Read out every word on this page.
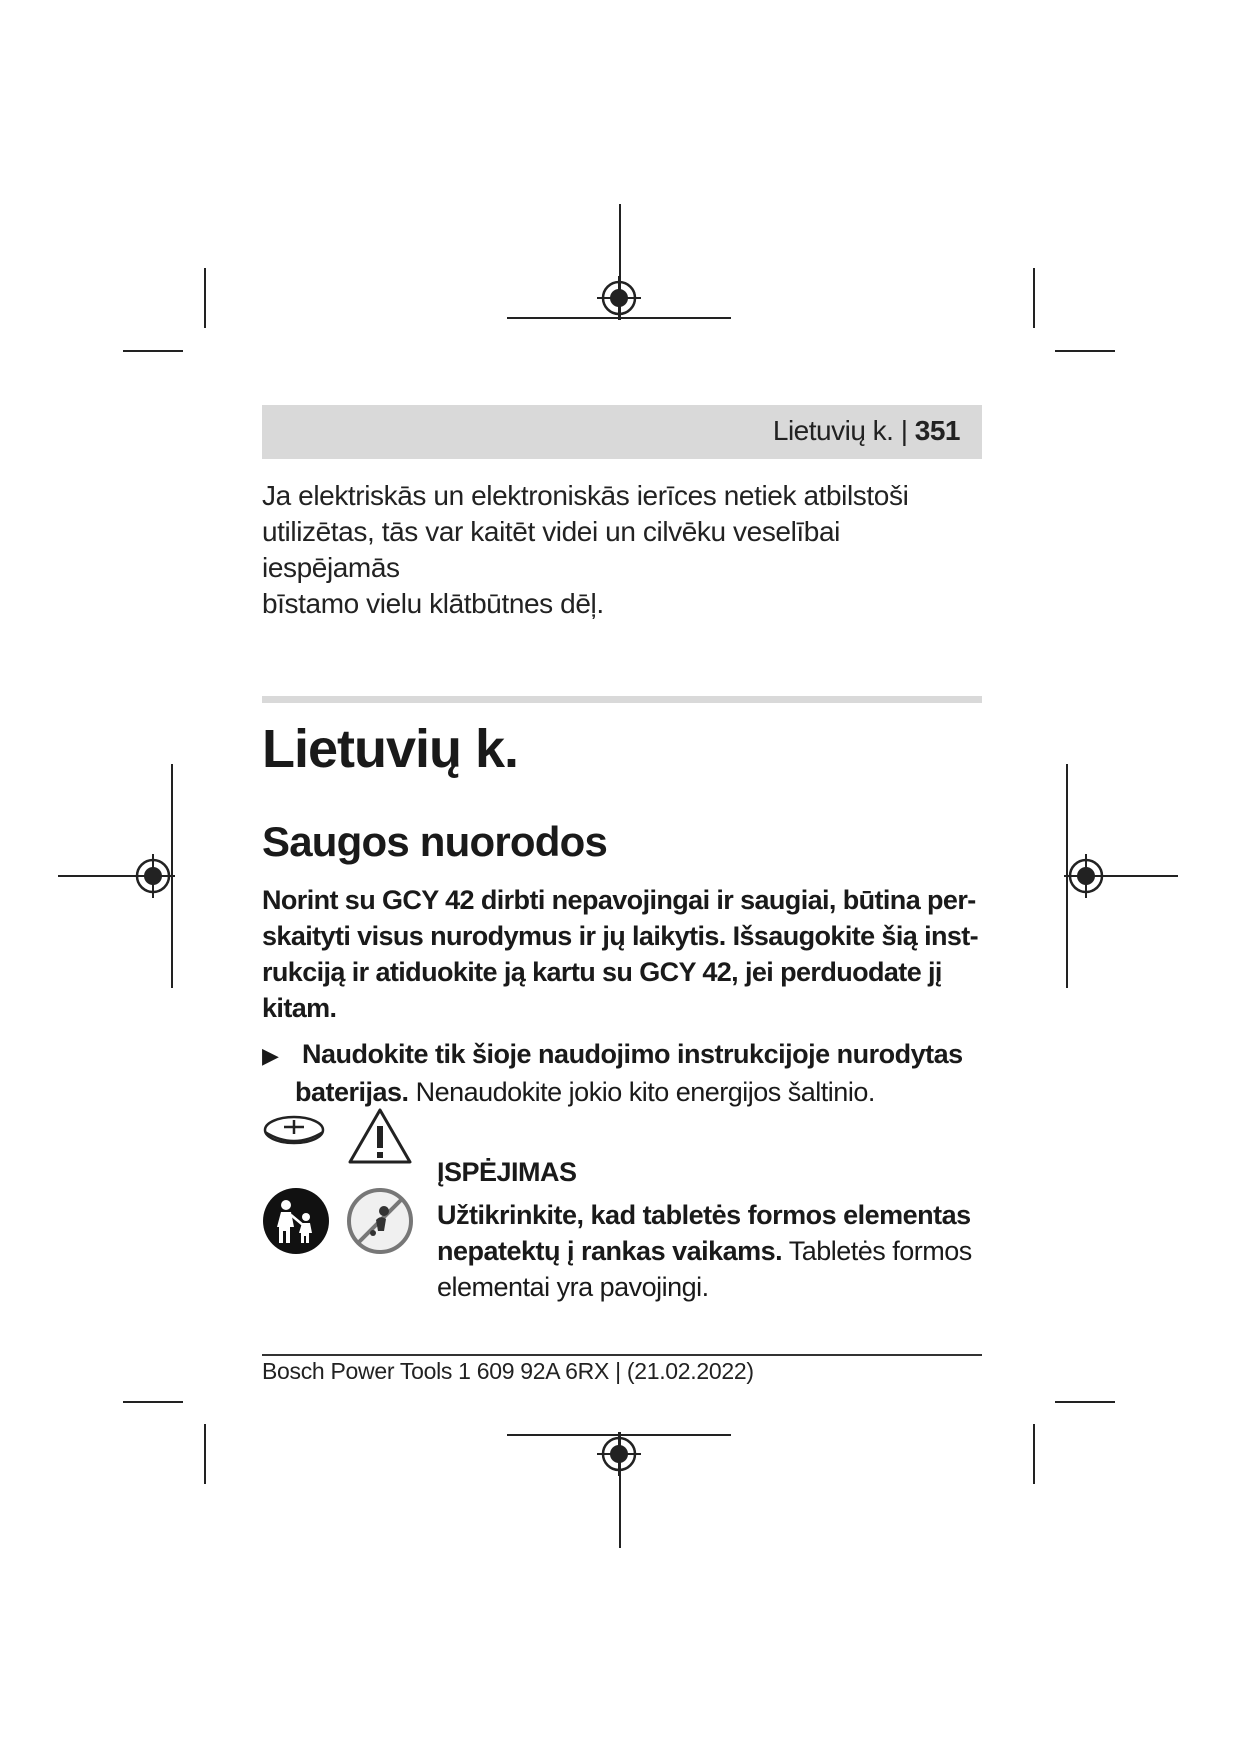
Lietuvių k. | 351
Ja elektriskās un elektroniskās ierīces netiek atbilstoši
utilizētas, tās var kaitēt videi un cilvēku veselībai iespējamās
bīstamo vielu klātbūtnes dēļ.
Lietuvių k.
Saugos nuorodos
Norint su GCY 42 dirbti nepavojingai ir saugiai, būtina per-
skaityti visus nurodymus ir jų laikytis. Išsaugokite šią inst-
rukciją ir atiduokite ją kartu su GCY 42, jei perduodate jį
kitam.
▶ Naudokite tik šioje naudojimo instrukcijoje nurodytas
baterijas. Nenaudokite jokio kito energijos šaltinio.
ĮSPĖJIMAS
Užtikrinkite, kad tabletės formos elementas
nepatektų į rankas vaikams. Tabletės formos
elementai yra pavojingi.
Bosch Power Tools 1 609 92A 6RX | (21.02.2022)
